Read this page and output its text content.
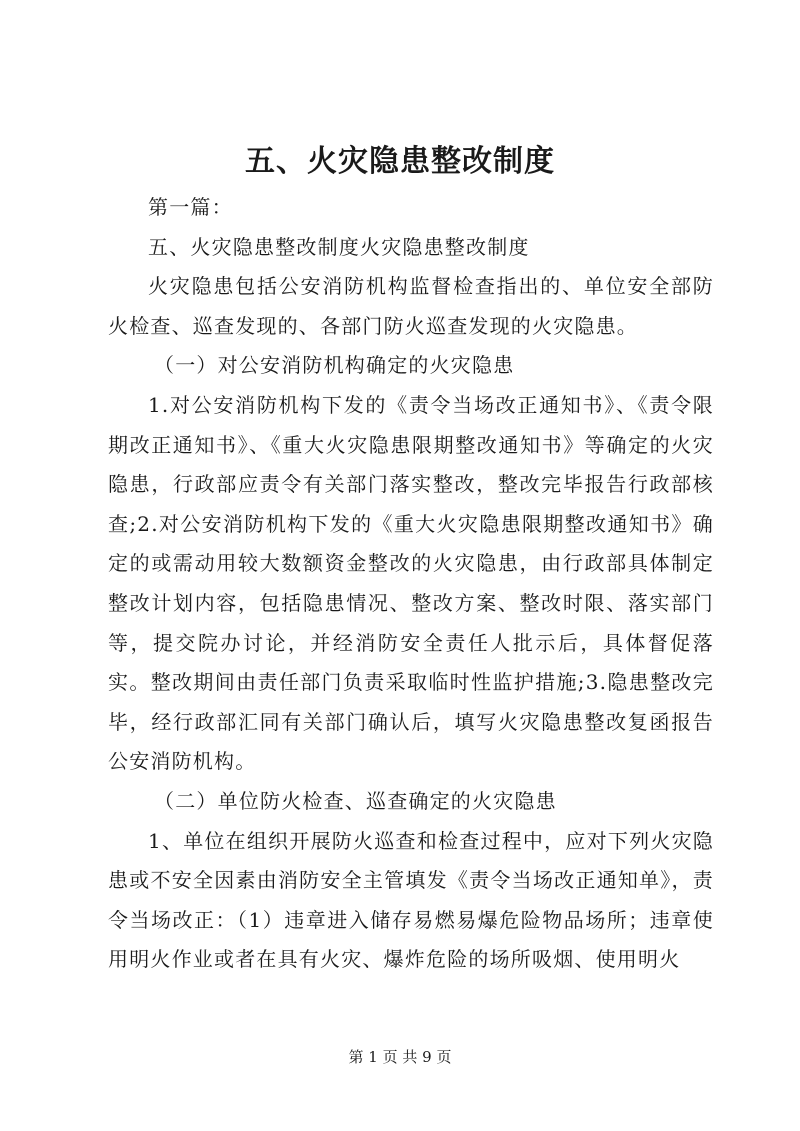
五、火灾隐患整改制度

第一篇：

五、火灾隐患整改制度火灾隐患整改制度

火灾隐患包括公安消防机构监督检查指出的、单位安全部防火检查、巡查发现的、各部门防火巡查发现的火灾隐患。

（一）对公安消防机构确定的火灾隐患

1.对公安消防机构下发的《责令当场改正通知书》、《责令限期改正通知书》、《重大火灾隐患限期整改通知书》等确定的火灾隐患，行政部应责令有关部门落实整改，整改完毕报告行政部核查;2.对公安消防机构下发的《重大火灾隐患限期整改通知书》确定的或需动用较大数额资金整改的火灾隐患，由行政部具体制定整改计划内容，包括隐患情况、整改方案、整改时限、落实部门等，提交院办讨论，并经消防安全责任人批示后，具体督促落实。整改期间由责任部门负责采取临时性监护措施;3.隐患整改完毕，经行政部汇同有关部门确认后，填写火灾隐患整改复函报告公安消防机构。

（二）单位防火检查、巡查确定的火灾隐患

1、单位在组织开展防火巡查和检查过程中，应对下列火灾隐患或不安全因素由消防安全主管填发《责令当场改正通知单》，责令当场改正：（1）违章进入储存易燃易爆危险物品场所；违章使用明火作业或者在具有火灾、爆炸危险的场所吸烟、使用明火

第 1 页 共 9 页
